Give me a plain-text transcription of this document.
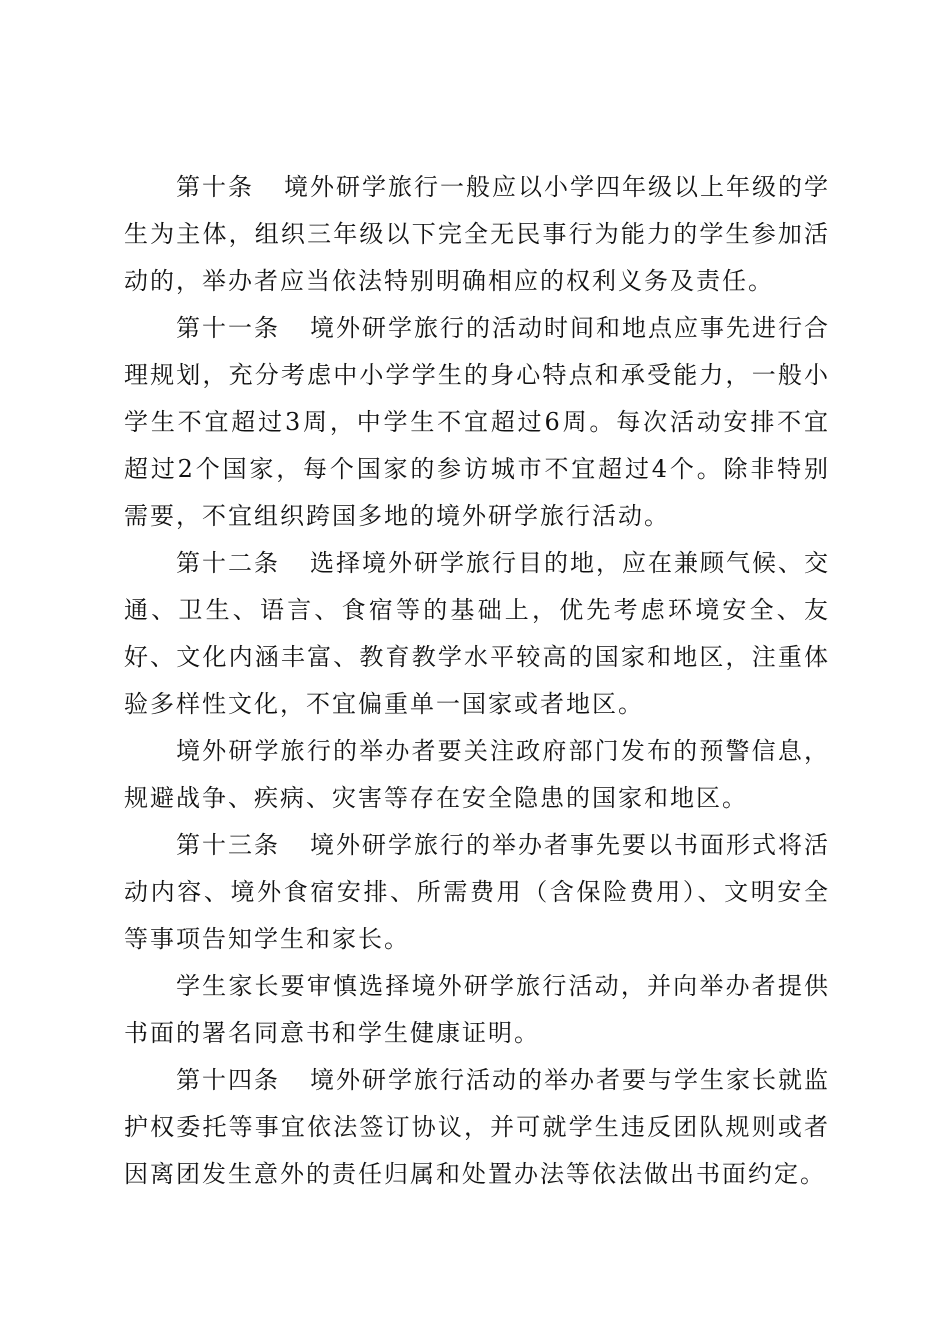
第十条 境外研学旅行一般应以小学四年级以上年级的学生为主体，组织三年级以下完全无民事行为能力的学生参加活动的，举办者应当依法特别明确相应的权利义务及责任。

第十一条 境外研学旅行的活动时间和地点应事先进行合理规划，充分考虑中小学学生的身心特点和承受能力，一般小学生不宜超过3周，中学生不宜超过6周。每次活动安排不宜超过2个国家，每个国家的参访城市不宜超过4个。除非特别需要，不宜组织跨国多地的境外研学旅行活动。

第十二条 选择境外研学旅行目的地，应在兼顾气候、交通、卫生、语言、食宿等的基础上，优先考虑环境安全、友好、文化内涵丰富、教育教学水平较高的国家和地区，注重体验多样性文化，不宜偏重单一国家或者地区。

境外研学旅行的举办者要关注政府部门发布的预警信息，规避战争、疾病、灾害等存在安全隐患的国家和地区。

第十三条 境外研学旅行的举办者事先要以书面形式将活动内容、境外食宿安排、所需费用（含保险费用）、文明安全等事项告知学生和家长。

学生家长要审慎选择境外研学旅行活动，并向举办者提供书面的署名同意书和学生健康证明。

第十四条 境外研学旅行活动的举办者要与学生家长就监护权委托等事宜依法签订协议，并可就学生违反团队规则或者因离团发生意外的责任归属和处置办法等依法做出书面约定。
